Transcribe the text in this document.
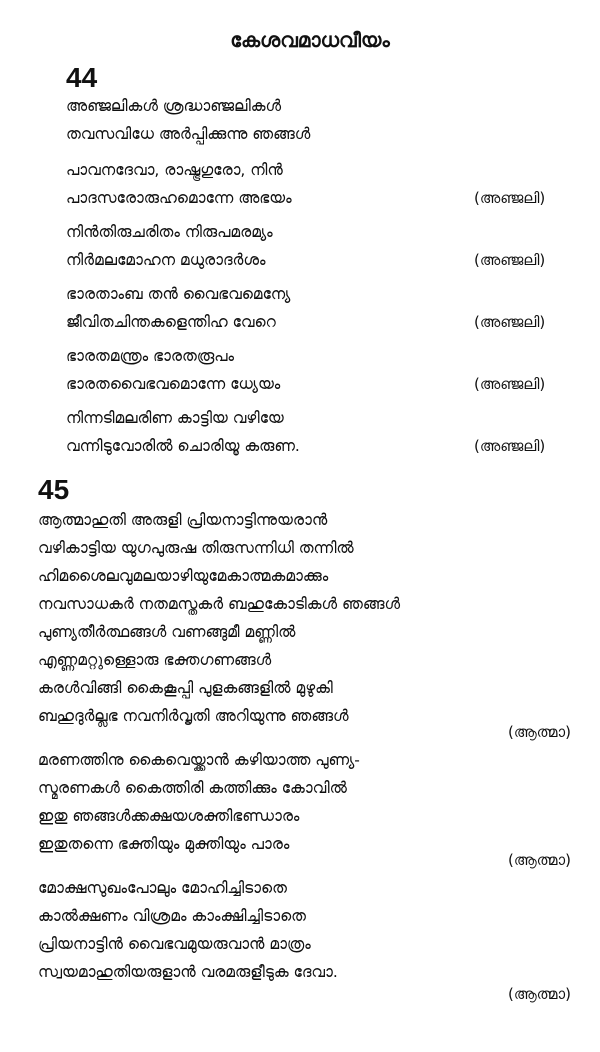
കേശവമാധവീയം
44
അഞ്ജലികൾ ശ്രദ്ധാഞ്ജലികൾ
തവസവിധേ അർപ്പിക്കുന്നു ഞങ്ങൾ
പാവനദേവാ, രാഷ്ട്രഗുരോ, നിൻ
പാദസരോരുഹമൊന്നേ അഭയം	(അഞ്ജലി)
നിൻതിരുചരിതം നിരുപമരമ്യം
നിർമലമോഹന മധുരാദർശം	(അഞ്ജലി)
ഭാരതാംബ തൻ വൈഭവമെന്യേ
ജീവിതചിന്തകളെന്തിഹ വേറെ	(അഞ്ജലി)
ഭാരതമന്ത്രം ഭാരതരൂപം
ഭാരതവൈഭവമൊന്നേ ധ്യേയം	(അഞ്ജലി)
നിന്നടിമലരിണ കാട്ടിയ വഴിയേ
വന്നിടുവോരിൽ ചൊരിയൂ കരുണ.	(അഞ്ജലി)
45
ആത്മാഹുതി അരുളി പ്രിയനാട്ടിന്നുയരാൻ
വഴികാട്ടിയ യുഗപുരുഷ തിരുസന്നിധി തന്നിൽ
ഹിമശൈലവുമലയാഴിയുമേകാത്മകമാക്കും
നവസാധകർ നതമസ്തകർ ബഹുകോടികൾ ഞങ്ങൾ
പുണ്യതീർത്ഥങ്ങൾ വണങ്ങുമീ മണ്ണിൽ
എണ്ണമറ്റുള്ളൊരു ഭക്തഗണങ്ങൾ
കരൾവിങ്ങി കൈകൂപ്പി പുളകങ്ങളിൽ മുഴുകി
ബഹുദുർല്ലഭ നവനിർവൃതി അറിയുന്നു ഞങ്ങൾ
(ആത്മാ)
മരണത്തിനു കൈവെയ്ക്കാൻ കഴിയാത്ത പുണ്യ-
സ്മരണകൾ കൈത്തിരി കത്തിക്കും കോവിൽ
ഇതു ഞങ്ങൾക്കക്ഷയശക്തിഭണ്ഡാരം
ഇതുതന്നെ ഭക്തിയും മുക്തിയും പാരം
(ആത്മാ)
മോക്ഷസുഖംപോലും മോഹിച്ചിടാതെ
കാൽക്ഷണം വിശ്രമം കാംക്ഷിച്ചിടാതെ
പ്രിയനാട്ടിൻ വൈഭവമുയരുവാൻ മാത്രം
സ്വയമാഹുതിയരുളാൻ വരമരുളീടുക ദേവാ.
(ആത്മാ)
